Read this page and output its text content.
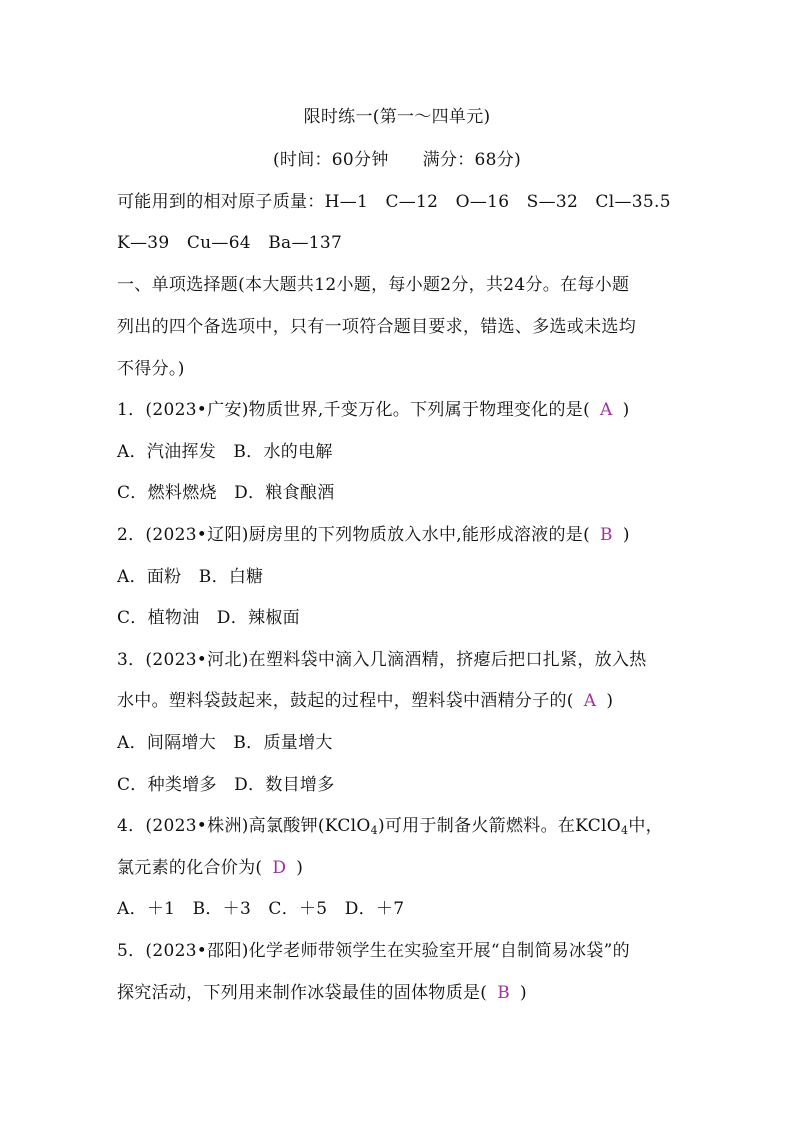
限时练一(第一～四单元)
(时间：60分钟 满分：68分)
可能用到的相对原子质量：H—1　C—12　O—16　S—32　Cl—35.5
K—39　Cu—64　Ba—137
一、单项选择题(本大题共12小题，每小题2分，共24分。在每小题
列出的四个备选项中，只有一项符合题目要求，错选、多选或未选均
不得分。)
1．(2023•广安)物质世界,千变万化。下列属于物理变化的是( A )
A．汽油挥发　B．水的电解
C．燃料燃烧　D．粮食酿酒
2．(2023•辽阳)厨房里的下列物质放入水中,能形成溶液的是( B )
A．面粉　B．白糖
C．植物油　D．辣椒面
3．(2023•河北)在塑料袋中滴入几滴酒精，挤瘪后把口扎紧，放入热
水中。塑料袋鼓起来，鼓起的过程中，塑料袋中酒精分子的( A )
A．间隔增大　B．质量增大
C．种类增多　D．数目增多
4．(2023•株洲)高氯酸钾(KClO$_4$)可用于制备火箭燃料。在KClO$_4$中，
氯元素的化合价为( D )
A．＋1　B．＋3　C．＋5　D．＋7
5．(2023•邵阳)化学老师带领学生在实验室开展“自制简易冰袋”的
探究活动，下列用来制作冰袋最佳的固体物质是( B )
